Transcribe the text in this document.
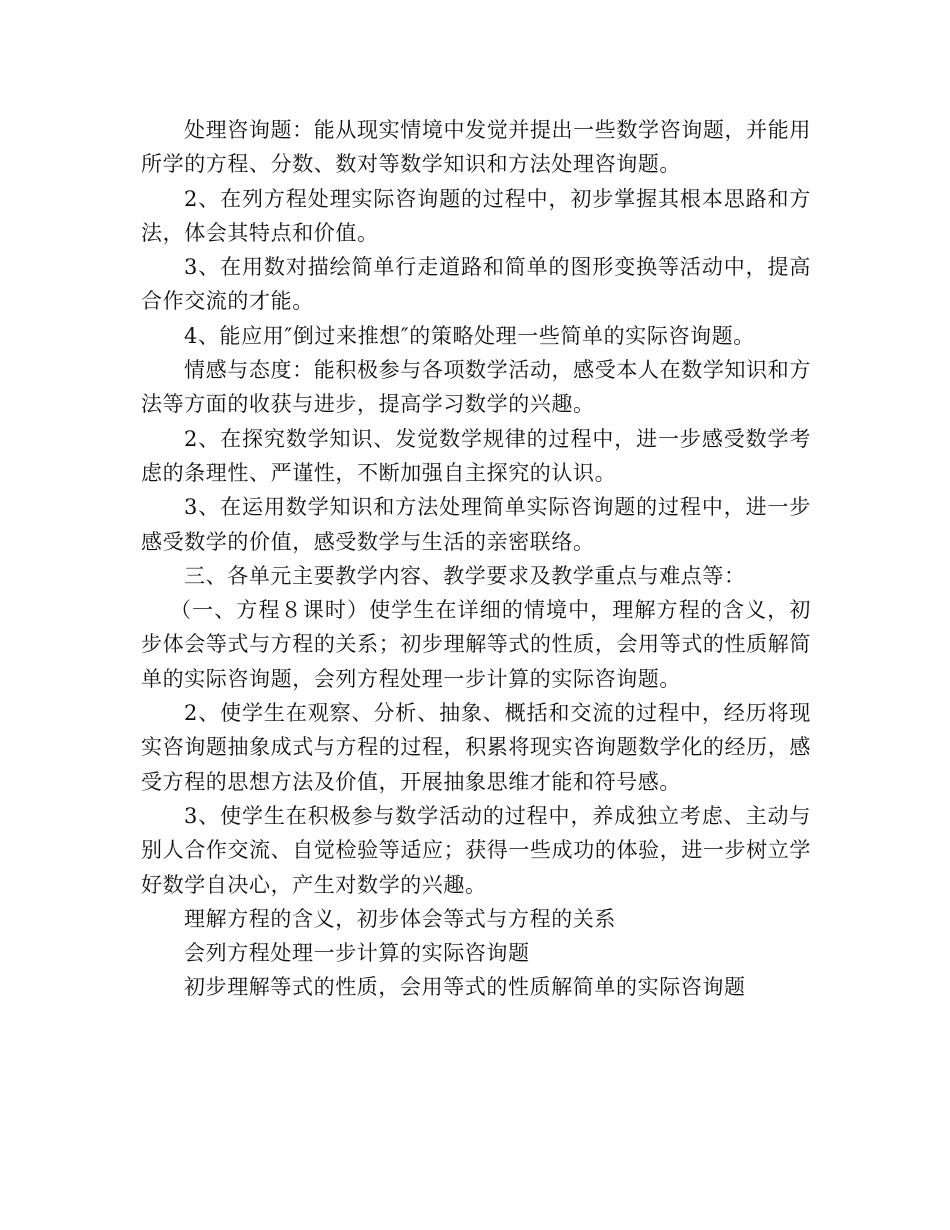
处理咨询题：能从现实情境中发觉并提出一些数学咨询题，并能用所学的方程、分数、数对等数学知识和方法处理咨询题。

2、在列方程处理实际咨询题的过程中，初步掌握其根本思路和方法，体会其特点和价值。

3、在用数对描绘简单行走道路和简单的图形变换等活动中，提高合作交流的才能。

4、能应用″倒过来推想″的策略处理一些简单的实际咨询题。

情感与态度：能积极参与各项数学活动，感受本人在数学知识和方法等方面的收获与进步，提高学习数学的兴趣。

2、在探究数学知识、发觉数学规律的过程中，进一步感受数学考虑的条理性、严谨性，不断加强自主探究的认识。

3、在运用数学知识和方法处理简单实际咨询题的过程中，进一步感受数学的价值，感受数学与生活的亲密联络。

三、各单元主要教学内容、教学要求及教学重点与难点等：

（一、方程８课时）使学生在详细的情境中，理解方程的含义，初步体会等式与方程的关系；初步理解等式的性质，会用等式的性质解简单的实际咨询题，会列方程处理一步计算的实际咨询题。

2、使学生在观察、分析、抽象、概括和交流的过程中，经历将现实咨询题抽象成式与方程的过程，积累将现实咨询题数学化的经历，感受方程的思想方法及价值，开展抽象思维才能和符号感。

3、使学生在积极参与数学活动的过程中，养成独立考虑、主动与别人合作交流、自觉检验等适应；获得一些成功的体验，进一步树立学好数学自决心，产生对数学的兴趣。

理解方程的含义，初步体会等式与方程的关系

会列方程处理一步计算的实际咨询题

初步理解等式的性质，会用等式的性质解简单的实际咨询题
